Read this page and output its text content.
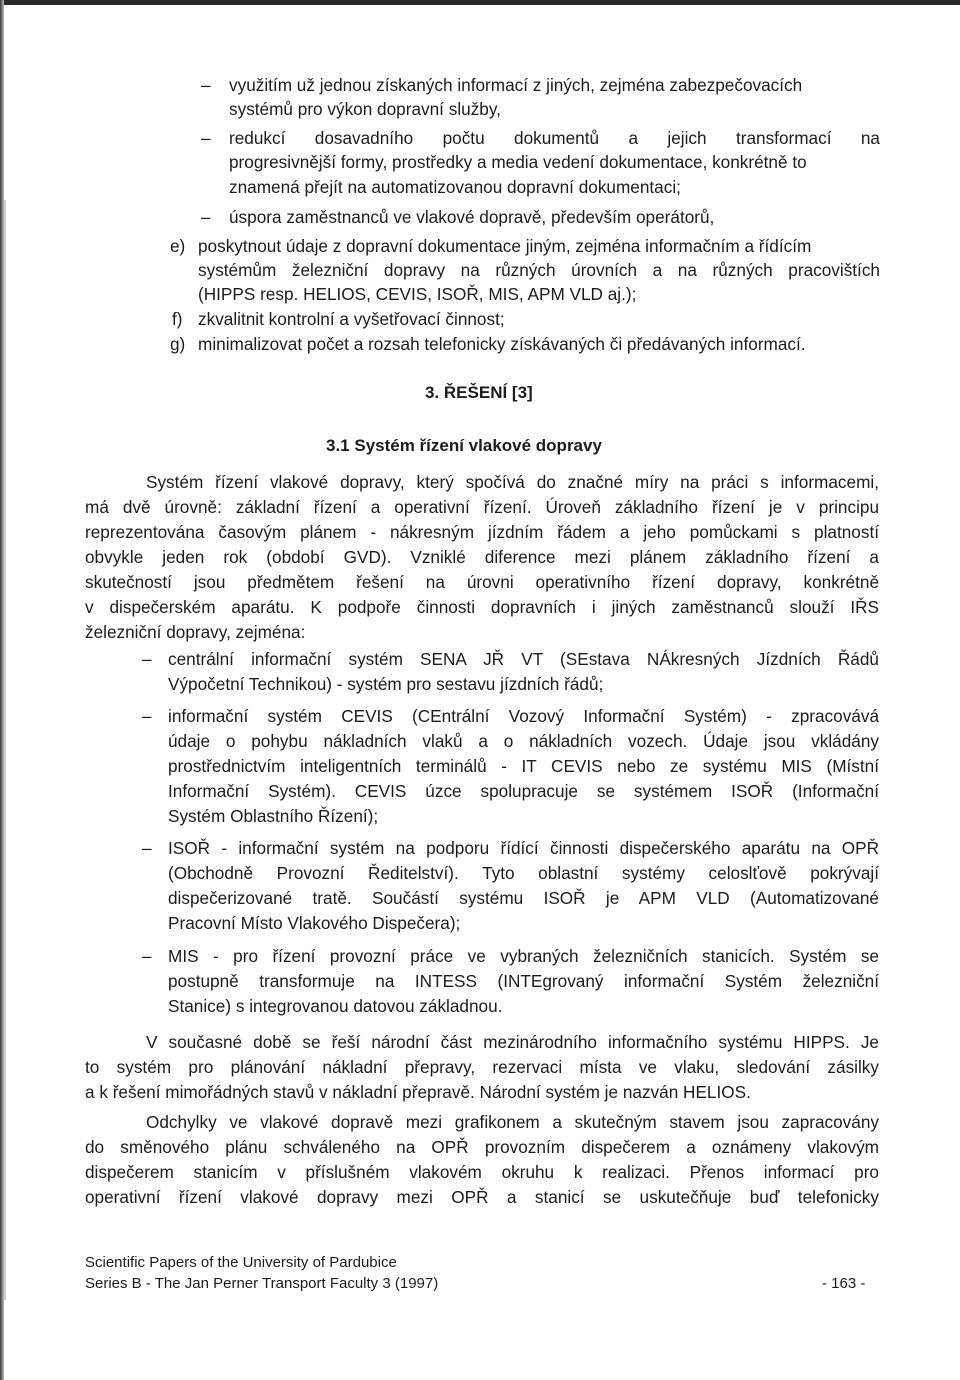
– využitím už jednou získaných informací z jiných, zejména zabezpečovacích
systémů pro výkon dopravní služby,
– redukcí dosavadního počtu dokumentů a jejich transformací na
progresivnější formy, prostředky a media vedení dokumentace, konkrétně to
znamená přejít na automatizovanou dopravní dokumentaci;
– úspora zaměstnanců ve vlakové dopravě, především operátorů,
e) poskytnout údaje z dopravní dokumentace jiným, zejména informačním a řídícím
systémům železniční dopravy na různých úrovních a na různých pracovištích
(HIPPS resp. HELIOS, CEVIS, ISOŘ, MIS, APM VLD aj.);
f) zkvalitnit kontrolní a vyšetřovací činnost;
g) minimalizovat počet a rozsah telefonicky získávaných či předávaných informací.
3. ŘEŠENÍ [3]
3.1 Systém řízení vlakové dopravy
Systém řízení vlakové dopravy, který spočívá do značné míry na práci s informacemi,
má dvě úrovně: základní řízení a operativní řízení. Úroveň základního řízení je v principu
reprezentována časovým plánem - nákresným jízdním řádem a jeho pomůckami s platností
obvykle jeden rok (období GVD). Vzniklé diference mezi plánem základního řízení a
skutečností jsou předmětem řešení na úrovni operativního řízení dopravy, konkrétně
v dispečerském aparátu. K podpoře činnosti dopravních i jiných zaměstnanců slouží IŘS
železniční dopravy, zejména:
– centrální informační systém SENA JŘ VT (SEstava NÁkresných Jízdních Řádů
Výpočetní Technikou) - systém pro sestavu jízdních řádů;
– informační systém CEVIS (CEntrální Vozový Informační Systém) - zpracovává
údaje o pohybu nákladních vlaků a o nákladních vozech. Údaje jsou vkládány
prostřednictvím inteligentních terminálů - IT CEVIS nebo ze systému MIS (Místní
Informační Systém). CEVIS úzce spolupracuje se systémem ISOŘ (Informační
Systém Oblastního Řízení);
– ISOŘ - informační systém na podporu řídící činnosti dispečerského aparátu na OPŘ
(Obchodně Provozní Ředitelství). Tyto oblastní systémy celoslťově pokrývají
dispečerizované tratě. Součástí systému ISOŘ je APM VLD (Automatizované
Pracovní Místo Vlakového Dispečera);
– MIS - pro řízení provozní práce ve vybraných železničních stanicích. Systém se
postupně transformuje na INTESS (INTEgrovaný informační Systém železniční
Stanice) s integrovanou datovou základnou.
V současné době se řeší národní část mezinárodního informačního systému HIPPS. Je
to systém pro plánování nákladní přepravy, rezervaci místa ve vlaku, sledování zásilky
a k řešení mimořádných stavů v nákladní přepravě. Národní systém je nazván HELIOS.
Odchylky ve vlakové dopravě mezi grafikonem a skutečným stavem jsou zapracovány
do směnového plánu schváleného na OPŘ provozním dispečerem a oznámeny vlakovým
dispečerem stanicím v příslušném vlakovém okruhu k realizaci. Přenos informací pro
operativní řízení vlakové dopravy mezi OPŘ a stanicí se uskutečňuje buď telefonicky
Scientific Papers of the University of Pardubice
Series B - The Jan Perner Transport Faculty 3 (1997)	- 163 -
